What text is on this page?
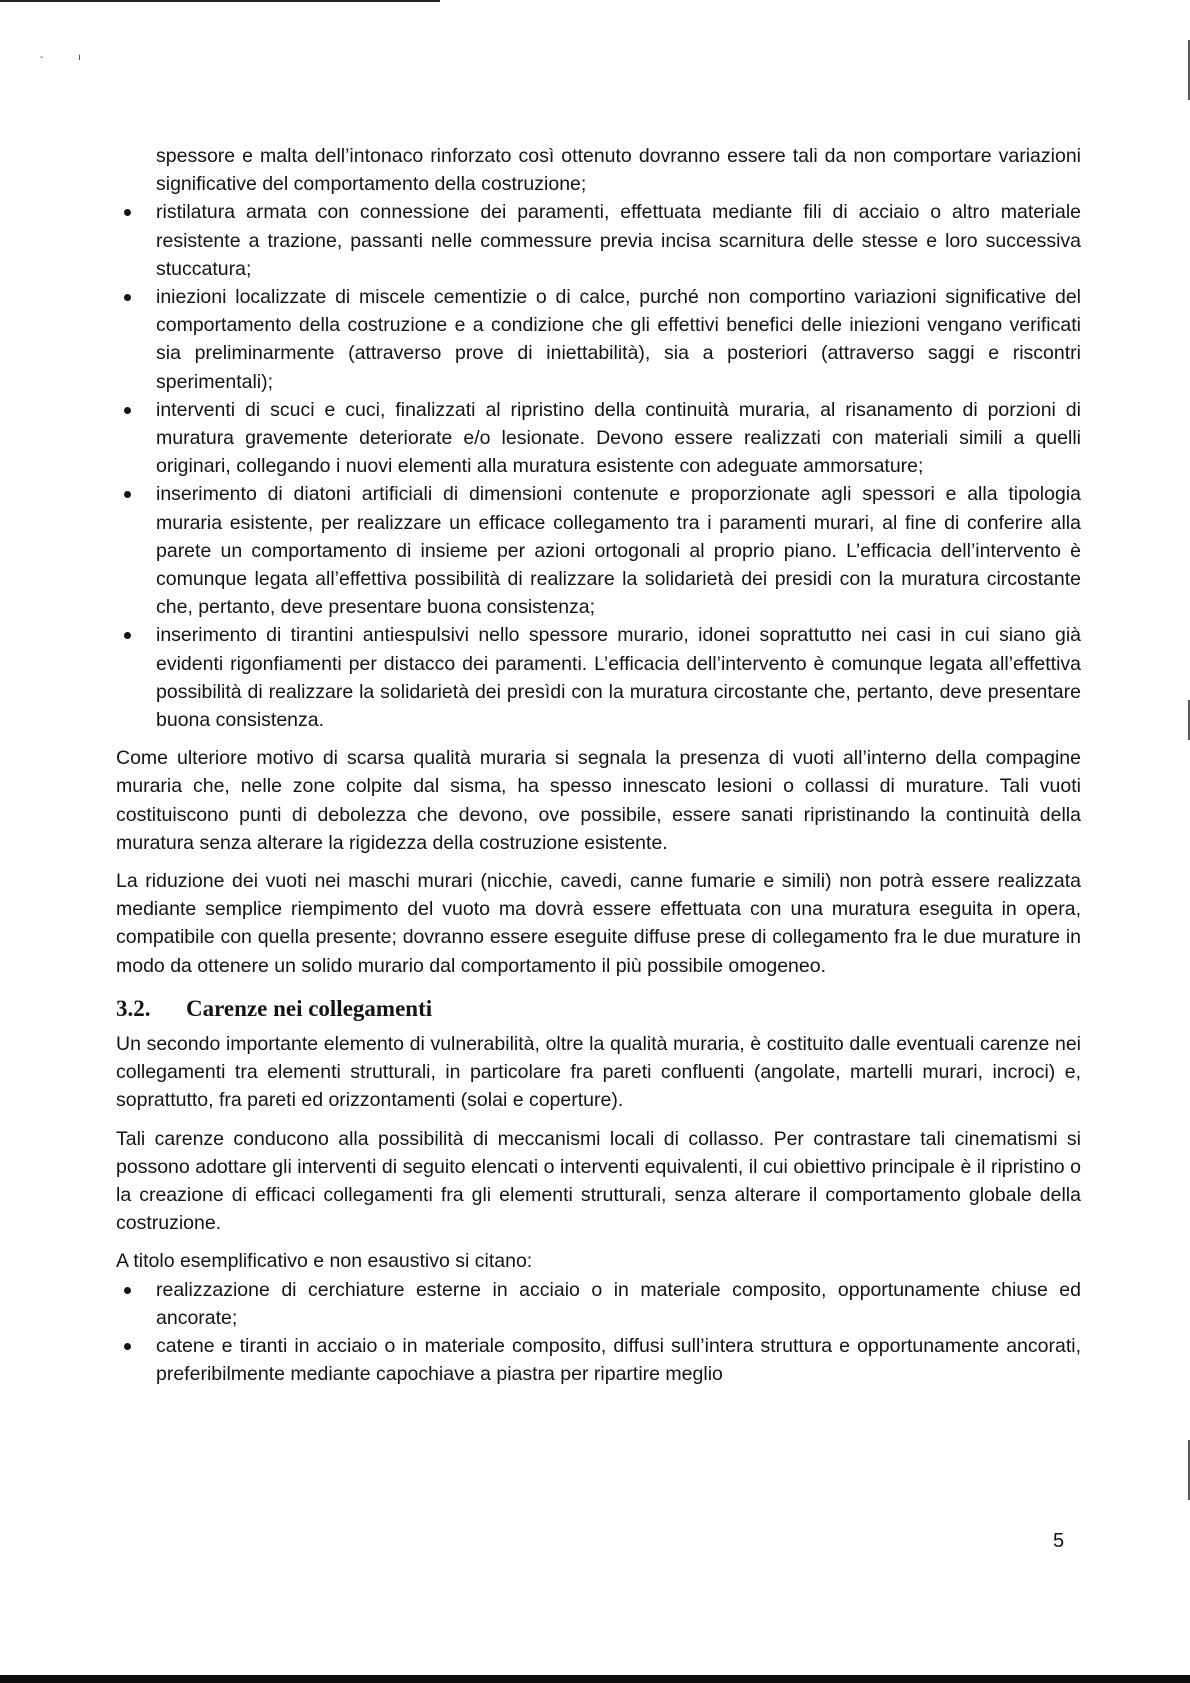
- ı

spessore e malta dell’intonaco rinforzato così ottenuto dovranno essere tali da non comportare variazioni significative del comportamento della costruzione;

ristilatura armata con connessione dei paramenti, effettuata mediante fili di acciaio o altro materiale resistente a trazione, passanti nelle commessure previa incisa scarnitura delle stesse e loro successiva stuccatura;
iniezioni localizzate di miscele cementizie o di calce, purché non comportino variazioni significative del comportamento della costruzione e a condizione che gli effettivi benefici delle iniezioni vengano verificati sia preliminarmente (attraverso prove di iniettabilità), sia a posteriori (attraverso saggi e riscontri sperimentali);
interventi di scuci e cuci, finalizzati al ripristino della continuità muraria, al risanamento di porzioni di muratura gravemente deteriorate e/o lesionate. Devono essere realizzati con materiali simili a quelli originari, collegando i nuovi elementi alla muratura esistente con adeguate ammorsature;
inserimento di diatoni artificiali di dimensioni contenute e proporzionate agli spessori e alla tipologia muraria esistente, per realizzare un efficace collegamento tra i paramenti murari, al fine di conferire alla parete un comportamento di insieme per azioni ortogonali al proprio piano. L’efficacia dell’intervento è comunque legata all’effettiva possibilità di realizzare la solidarietà dei presidi con la muratura circostante che, pertanto, deve presentare buona consistenza;
inserimento di tirantini antiespulsivi nello spessore murario, idonei soprattutto nei casi in cui siano già evidenti rigonfiamenti per distacco dei paramenti. L’efficacia dell’intervento è comunque legata all’effettiva possibilità di realizzare la solidarietà dei presìdi con la muratura circostante che, pertanto, deve presentare buona consistenza.

Come ulteriore motivo di scarsa qualità muraria si segnala la presenza di vuoti all’interno della compagine muraria che, nelle zone colpite dal sisma, ha spesso innescato lesioni o collassi di murature. Tali vuoti costituiscono punti di debolezza che devono, ove possibile, essere sanati ripristinando la continuità della muratura senza alterare la rigidezza della costruzione esistente.

La riduzione dei vuoti nei maschi murari (nicchie, cavedi, canne fumarie e simili) non potrà essere realizzata mediante semplice riempimento del vuoto ma dovrà essere effettuata con una muratura eseguita in opera, compatibile con quella presente; dovranno essere eseguite diffuse prese di collegamento fra le due murature in modo da ottenere un solido murario dal comportamento il più possibile omogeneo.

3.2. Carenze nei collegamenti

Un secondo importante elemento di vulnerabilità, oltre la qualità muraria, è costituito dalle eventuali carenze nei collegamenti tra elementi strutturali, in particolare fra pareti confluenti (angolate, martelli murari, incroci) e, soprattutto, fra pareti ed orizzontamenti (solai e coperture).

Tali carenze conducono alla possibilità di meccanismi locali di collasso. Per contrastare tali cinematismi si possono adottare gli interventi di seguito elencati o interventi equivalenti, il cui obiettivo principale è il ripristino o la creazione di efficaci collegamenti fra gli elementi strutturali, senza alterare il comportamento globale della costruzione.

A titolo esemplificativo e non esaustivo si citano:

realizzazione di cerchiature esterne in acciaio o in materiale composito, opportunamente chiuse ed ancorate;
catene e tiranti in acciaio o in materiale composito, diffusi sull’intera struttura e opportunamente ancorati, preferibilmente mediante capochiave a piastra per ripartire meglio
5
